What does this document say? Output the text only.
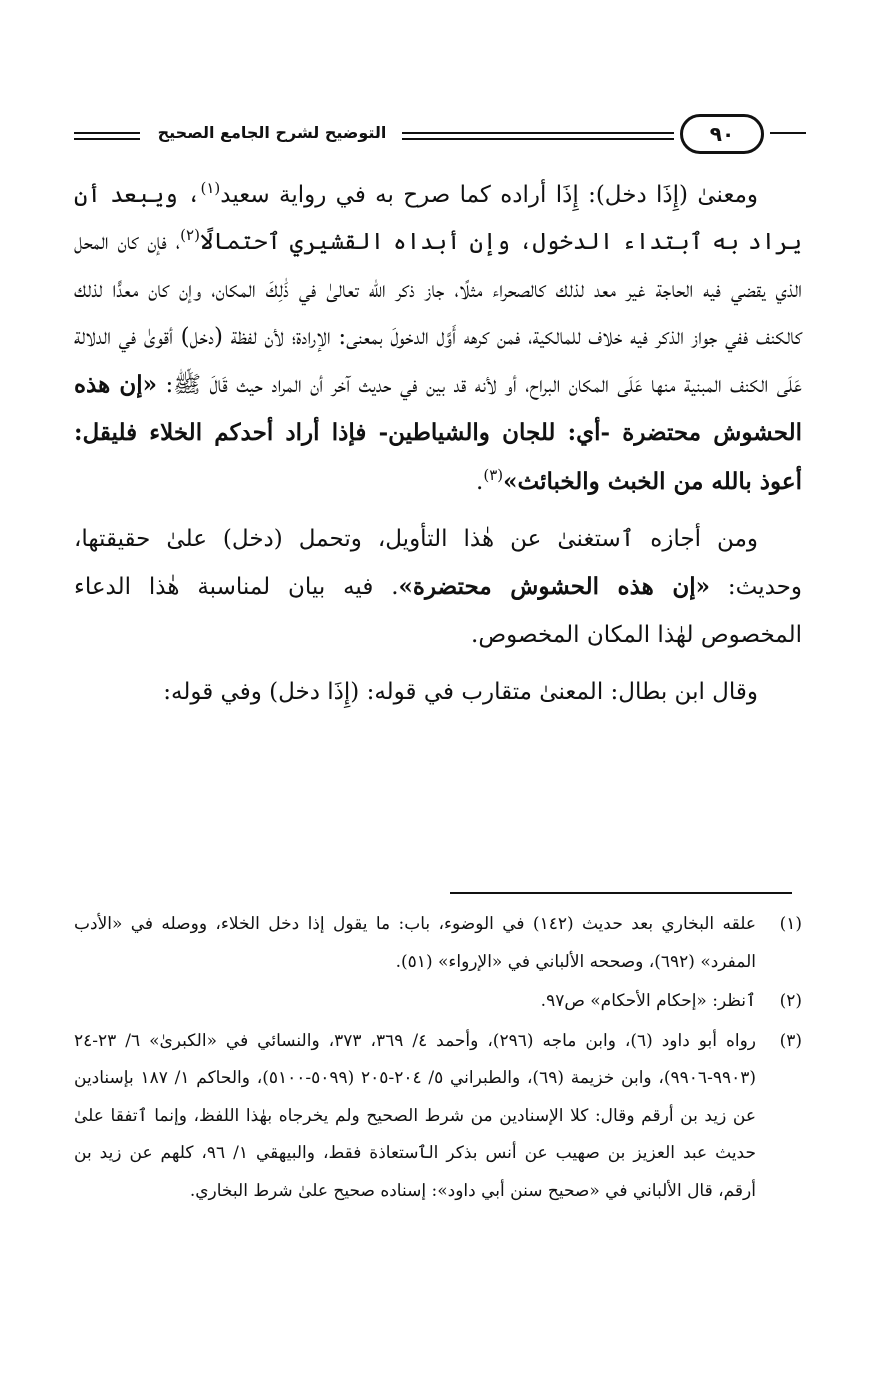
التوضيح لشرح الجامع الصحيح	٩٠

ومعنىٰ (إِذَا دخل): إِذَا أراده كما صرح به في رواية سعيد$^{(١)}$، ويبعد أن يراد به ٱبتداء الدخول، وإن أبداه القشيري ٱحتمالًا$^{(٢)}$، فإن كان المحل الذي يقضي فيه الحاجة غير معد لذلك كالصحراء مثلًا، جاز ذكر الله تعالىٰ في ذَٰلِكَ المكان، وإن كان معدًّا لذلك كالكنف ففي جواز الذكر فيه خلاف للمالكية، فمن كرهه أَوَّل الدخولَ بمعنى: الإرادة؛ لأن لفظة (دخل) أقوىٰ في الدلالة عَلَى الكنف المبنية منها عَلَى المكان البراح، أو لأنه قد بين في حديث آخر أن المراد حيث قَالَ ﷺ: «إن هذه الحشوش محتضرة -أي: للجان والشياطين- فإذا أراد أحدكم الخلاء فليقل: أعوذ بالله من الخبث والخبائث»$^{(٣)}$.

ومن أجازه ٱستغنىٰ عن هٰذا التأويل، وتحمل (دخل) علىٰ حقيقتها، وحديث: «إن هذه الحشوش محتضرة». فيه بيان لمناسبة هٰذا الدعاء المخصوص لهٰذا المكان المخصوص.

وقال ابن بطال: المعنىٰ متقارب في قوله: (إِذَا دخل) وفي قوله:

(١)
علقه البخاري بعد حديث (١٤٢) في الوضوء، باب: ما يقول إذا دخل الخلاء، ووصله في «الأدب المفرد» (٦٩٢)، وصححه الألباني في «الإرواء» (٥١).
(٢)
ٱنظر: «إحكام الأحكام» ص٩٧.
(٣)
رواه أبو داود (٦)، وابن ماجه (٢٩٦)، وأحمد ٤/ ٣٦٩، ٣٧٣، والنسائي في «الكبرىٰ» ٦/ ٢٣-٢٤ (٩٩٠٣-٩٩٠٦)، وابن خزيمة (٦٩)، والطبراني ٥/ ٢٠٤-٢٠٥ (٥٠٩٩-٥١٠٠)، والحاكم ١/ ١٨٧ بإسنادين عن زيد بن أرقم وقال: كلا الإسنادين من شرط الصحيح ولم يخرجاه بهٰذا اللفظ، وإنما ٱتفقا علىٰ حديث عبد العزيز بن صهيب عن أنس بذكر الٱستعاذة فقط، والبيهقي ١/ ٩٦، كلهم عن زيد بن أرقم، قال الألباني في «صحيح سنن أبي داود»: إسناده صحيح علىٰ شرط البخاري.
